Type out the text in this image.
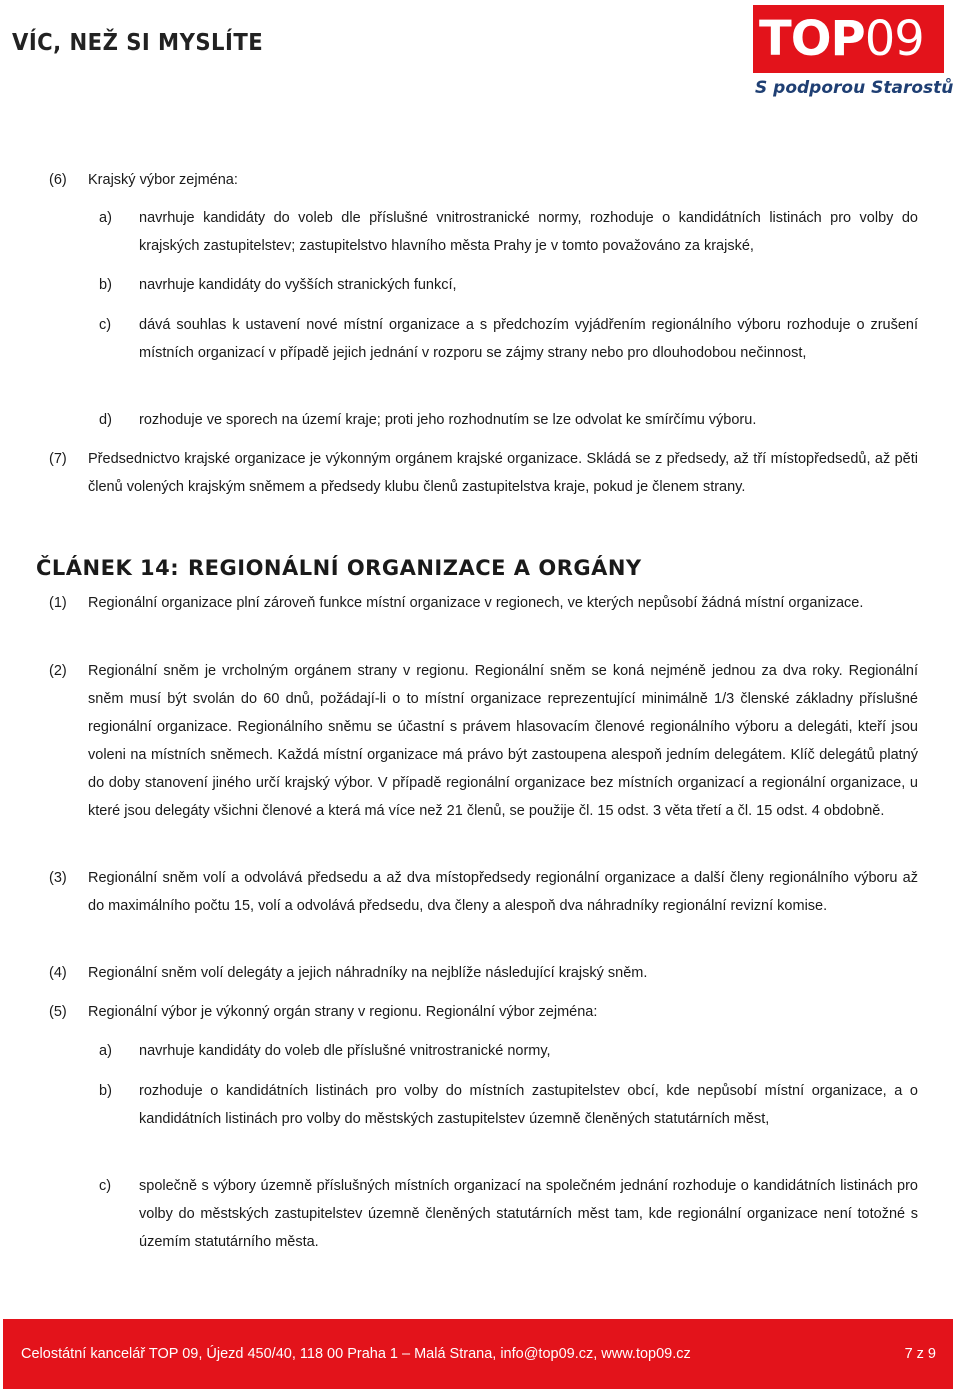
VÍC, NEŽ SI MYSLÍTE	TOP09
S podporou Starostů
(6)	Krajský výbor zejména:
a)	navrhuje kandidáty do voleb dle příslušné vnitrostranické normy, rozhoduje o kandidátních listinách pro volby do krajských zastupitelstev; zastupitelstvo hlavního města Prahy je v tomto považováno za krajské,
b)	navrhuje kandidáty do vyšších stranických funkcí,
c)	dává souhlas k ustavení nové místní organizace a s předchozím vyjádřením regionálního výboru rozhoduje o zrušení místních organizací v případě jejich jednání v rozporu se zájmy strany nebo pro dlouhodobou nečinnost,
d)	rozhoduje ve sporech na území kraje; proti jeho rozhodnutím se lze odvolat ke smírčímu výboru.
(7)	Předsednictvo krajské organizace je výkonným orgánem krajské organizace. Skládá se z předsedy, až tří místopředsedů, až pěti členů volených krajským sněmem a předsedy klubu členů zastupitelstva kraje, pokud je členem strany.
ČLÁNEK 14: REGIONÁLNÍ ORGANIZACE A ORGÁNY
(1)	Regionální organizace plní zároveň funkce místní organizace v regionech, ve kterých nepůsobí žádná místní organizace.
(2)	Regionální sněm je vrcholným orgánem strany v regionu. Regionální sněm se koná nejméně jednou za dva roky. Regionální sněm musí být svolán do 60 dnů, požádají-li o to místní organizace reprezentující minimálně 1/3 členské základny příslušné regionální organizace. Regionálního sněmu se účastní s právem hlasovacím členové regionálního výboru a delegáti, kteří jsou voleni na místních sněmech. Každá místní organizace má právo být zastoupena alespoň jedním delegátem. Klíč delegátů platný do doby stanovení jiného určí krajský výbor. V případě regionální organizace bez místních organizací a regionální organizace, u které jsou delegáty všichni členové a která má více než 21 členů, se použije čl. 15 odst. 3 věta třetí a čl. 15 odst. 4 obdobně.
(3)	Regionální sněm volí a odvolává předsedu a až dva místopředsedy regionální organizace a další členy regionálního výboru až do maximálního počtu 15, volí a odvolává předsedu, dva členy a alespoň dva náhradníky regionální revizní komise.
(4)	Regionální sněm volí delegáty a jejich náhradníky na nejblíže následující krajský sněm.
(5)	Regionální výbor je výkonný orgán strany v regionu. Regionální výbor zejména:
a)	navrhuje kandidáty do voleb dle příslušné vnitrostranické normy,
b)	rozhoduje o kandidátních listinách pro volby do místních zastupitelstev obcí, kde nepůsobí místní organizace, a o kandidátních listinách pro volby do městských zastupitelstev územně členěných statutárních měst,
c)	společně s výbory územně příslušných místních organizací na společném jednání rozhoduje o kandidátních listinách pro volby do městských zastupitelstev územně členěných statutárních měst tam, kde regionální organizace není totožné s územím statutárního města.
Celostátní kancelář TOP 09, Újezd 450/40, 118 00 Praha 1 – Malá Strana, info@top09.cz, www.top09.cz	7 z 9
